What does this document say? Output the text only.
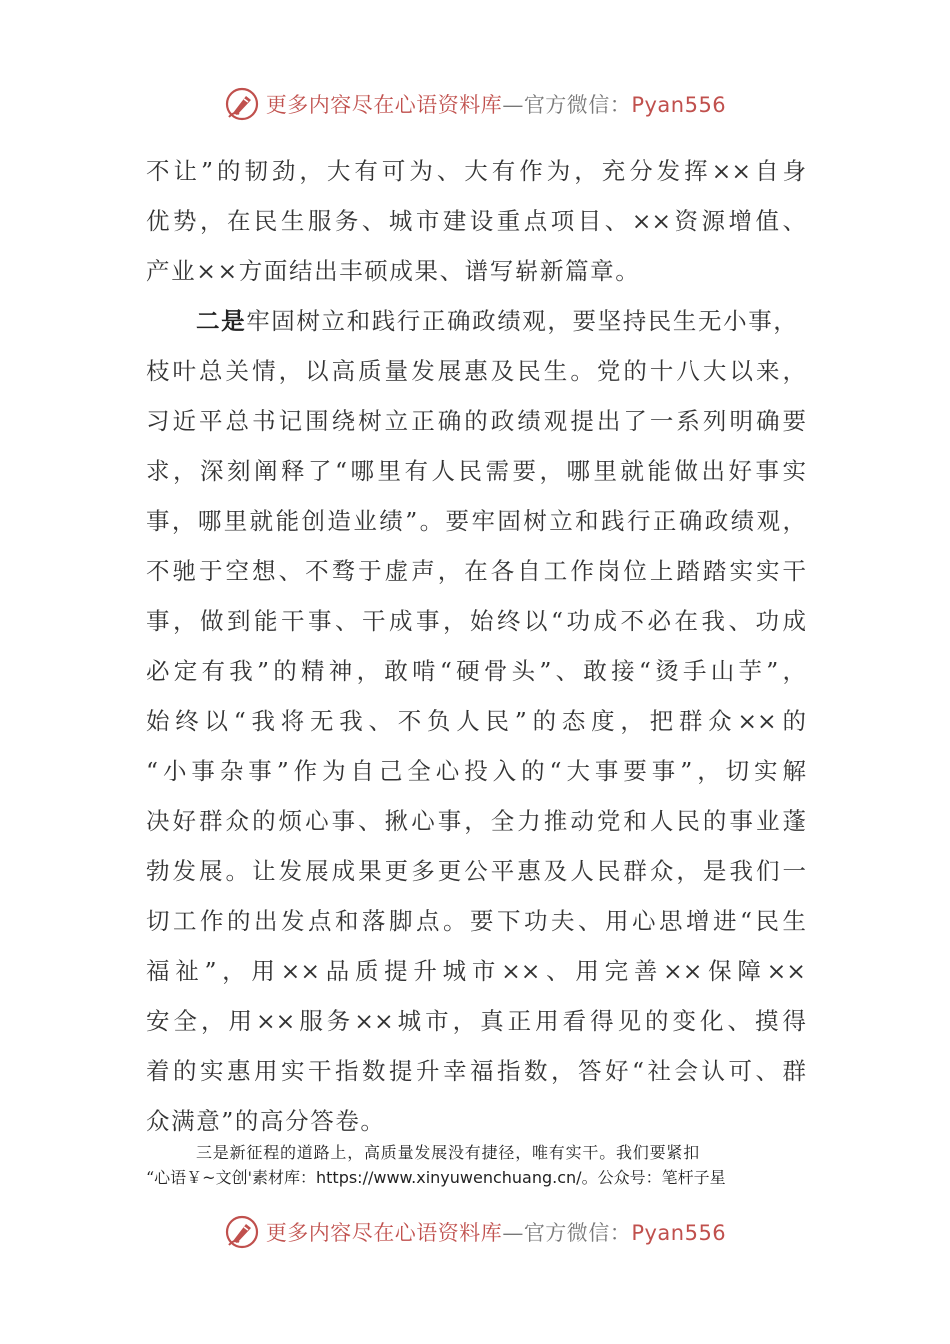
更多内容尽在心语资料库—官方微信：Pyan556
不让”的韧劲，大有可为、大有作为，充分发挥××自身
优势，在民生服务、城市建设重点项目、××资源增值、
产业××方面结出丰硕成果、谱写崭新篇章。
二是牢固树立和践行正确政绩观，要坚持民生无小事，
枝叶总关情，以高质量发展惠及民生。党的十八大以来，
习近平总书记围绕树立正确的政绩观提出了一系列明确要
求，深刻阐释了“哪里有人民需要，哪里就能做出好事实
事，哪里就能创造业绩”。要牢固树立和践行正确政绩观，
不驰于空想、不骛于虚声，在各自工作岗位上踏踏实实干
事，做到能干事、干成事，始终以“功成不必在我、功成
必定有我”的精神，敢啃“硬骨头”、敢接“烫手山芋”，
始终以“我将无我、不负人民”的态度，把群众××的
“小事杂事”作为自己全心投入的“大事要事”，切实解
决好群众的烦心事、揪心事，全力推动党和人民的事业蓬
勃发展。让发展成果更多更公平惠及人民群众，是我们一
切工作的出发点和落脚点。要下功夫、用心思增进“民生
福祉”，用××品质提升城市××、用完善××保障××
安全，用××服务××城市，真正用看得见的变化、摸得
着的实惠用实干指数提升幸福指数，答好“社会认可、群
众满意”的高分答卷。
三是新征程的道路上，高质量发展没有捷径，唯有实干。我们要紧扣
“心语￥~文创'素材库：https://www.xinyuwenchuang.cn/。公众号：笔杆子星
更多内容尽在心语资料库—官方微信：Pyan556
